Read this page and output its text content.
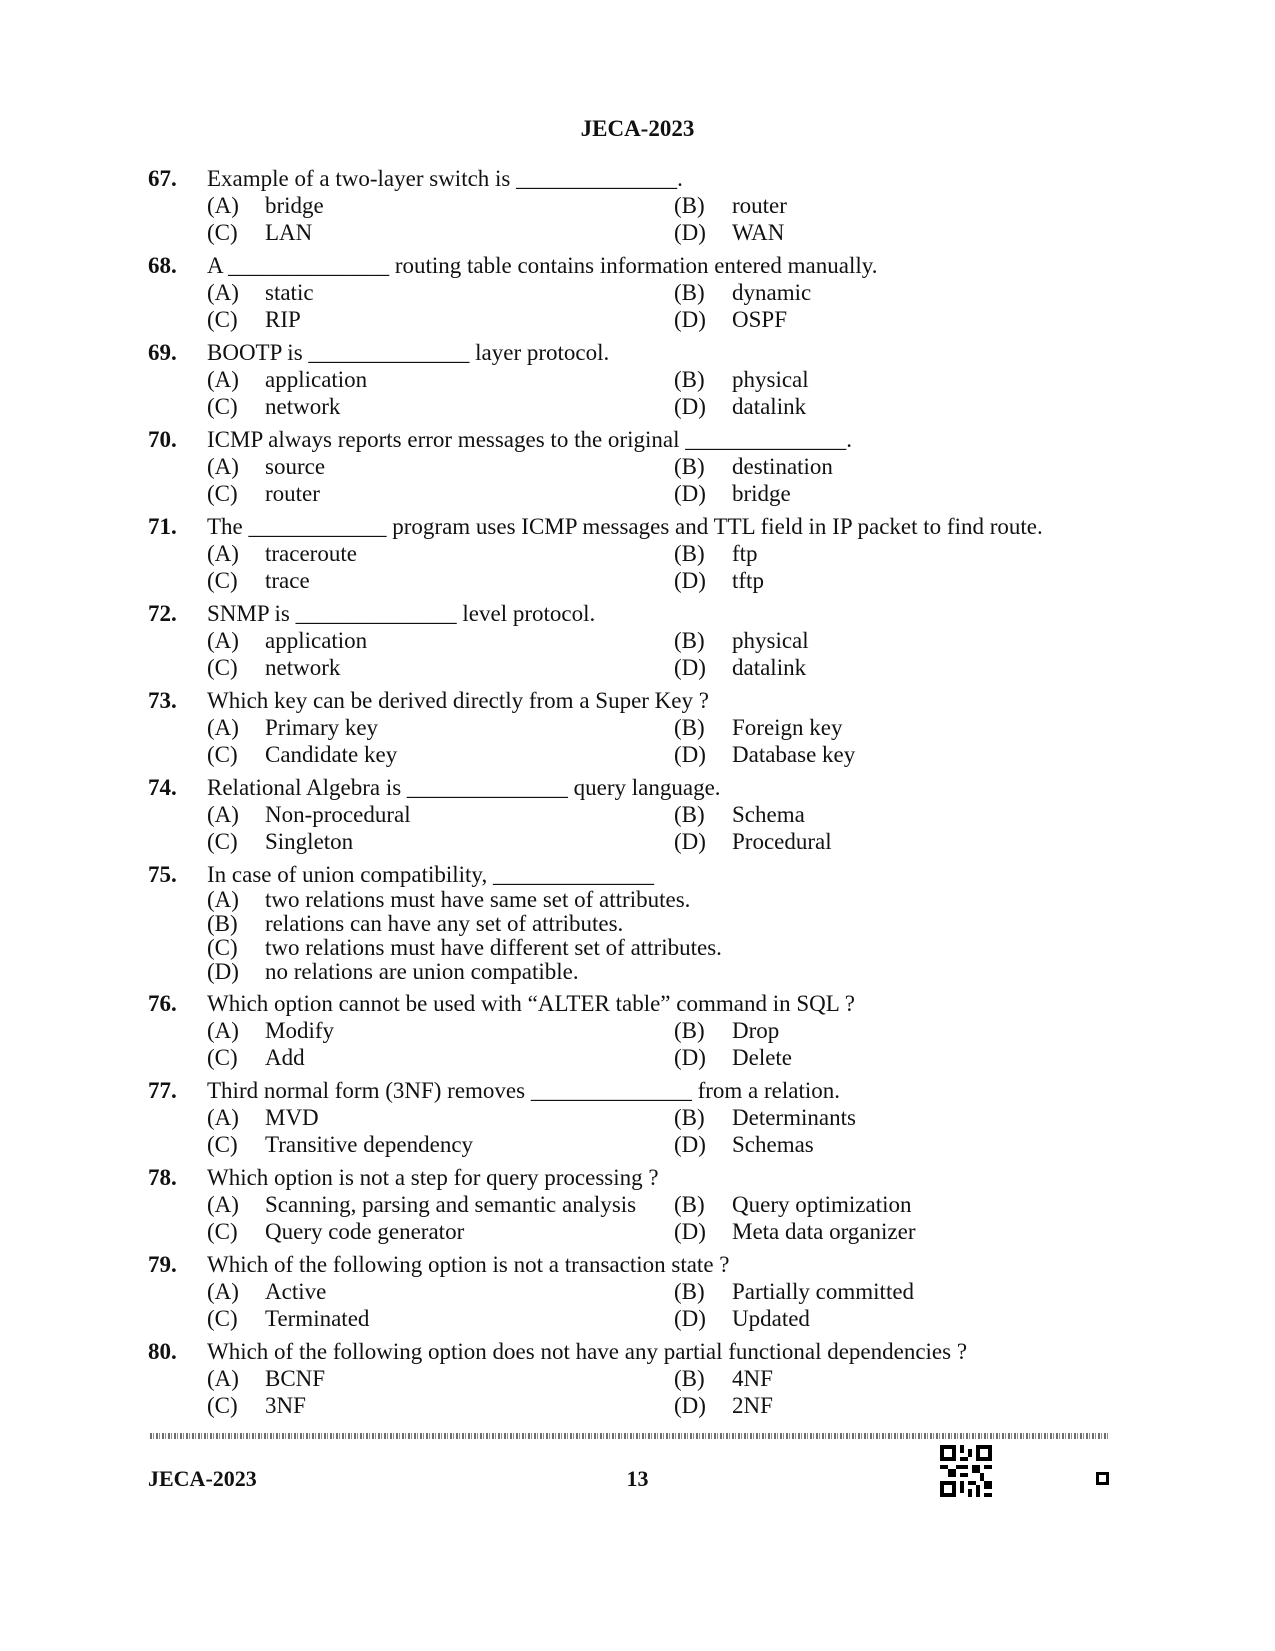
JECA-2023
67. Example of a two-layer switch is ______________.
(A) bridge	(B) router
(C) LAN	(D) WAN
68. A ______________ routing table contains information entered manually.
(A) static	(B) dynamic
(C) RIP	(D) OSPF
69. BOOTP is ______________ layer protocol.
(A) application	(B) physical
(C) network	(D) datalink
70. ICMP always reports error messages to the original ______________.
(A) source	(B) destination
(C) router	(D) bridge
71. The ____________ program uses ICMP messages and TTL field in IP packet to find route.
(A) traceroute	(B) ftp
(C) trace	(D) tftp
72. SNMP is ______________ level protocol.
(A) application	(B) physical
(C) network	(D) datalink
73. Which key can be derived directly from a Super Key ?
(A) Primary key	(B) Foreign key
(C) Candidate key	(D) Database key
74. Relational Algebra is ______________ query language.
(A) Non-procedural	(B) Schema
(C) Singleton	(D) Procedural
75. In case of union compatibility, ______________
(A) two relations must have same set of attributes.
(B) relations can have any set of attributes.
(C) two relations must have different set of attributes.
(D) no relations are union compatible.
76. Which option cannot be used with “ALTER table” command in SQL ?
(A) Modify	(B) Drop
(C) Add	(D) Delete
77. Third normal form (3NF) removes ______________ from a relation.
(A) MVD	(B) Determinants
(C) Transitive dependency	(D) Schemas
78. Which option is not a step for query processing ?
(A) Scanning, parsing and semantic analysis (B) Query optimization
(C) Query code generator	(D) Meta data organizer
79. Which of the following option is not a transaction state ?
(A) Active	(B) Partially committed
(C) Terminated	(D) Updated
80. Which of the following option does not have any partial functional dependencies ?
(A) BCNF	(B) 4NF
(C) 3NF	(D) 2NF
JECA-2023	13
